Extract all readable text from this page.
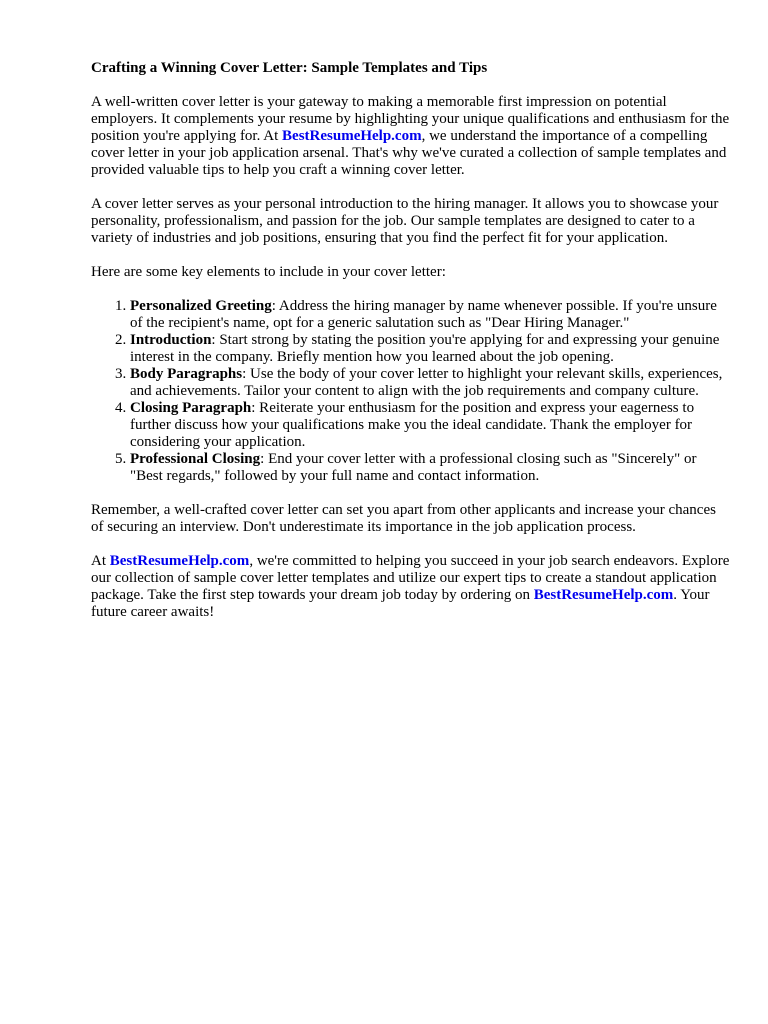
Crafting a Winning Cover Letter: Sample Templates and Tips

A well-written cover letter is your gateway to making a memorable first impression on potential employers. It complements your resume by highlighting your unique qualifications and enthusiasm for the position you're applying for. At BestResumeHelp.com, we understand the importance of a compelling cover letter in your job application arsenal. That's why we've curated a collection of sample templates and provided valuable tips to help you craft a winning cover letter.

A cover letter serves as your personal introduction to the hiring manager. It allows you to showcase your personality, professionalism, and passion for the job. Our sample templates are designed to cater to a variety of industries and job positions, ensuring that you find the perfect fit for your application.

Here are some key elements to include in your cover letter:

1. Personalized Greeting: Address the hiring manager by name whenever possible. If you're unsure of the recipient's name, opt for a generic salutation such as "Dear Hiring Manager."
2. Introduction: Start strong by stating the position you're applying for and expressing your genuine interest in the company. Briefly mention how you learned about the job opening.
3. Body Paragraphs: Use the body of your cover letter to highlight your relevant skills, experiences, and achievements. Tailor your content to align with the job requirements and company culture.
4. Closing Paragraph: Reiterate your enthusiasm for the position and express your eagerness to further discuss how your qualifications make you the ideal candidate. Thank the employer for considering your application.
5. Professional Closing: End your cover letter with a professional closing such as "Sincerely" or "Best regards," followed by your full name and contact information.

Remember, a well-crafted cover letter can set you apart from other applicants and increase your chances of securing an interview. Don't underestimate its importance in the job application process.

At BestResumeHelp.com, we're committed to helping you succeed in your job search endeavors. Explore our collection of sample cover letter templates and utilize our expert tips to create a standout application package. Take the first step towards your dream job today by ordering on BestResumeHelp.com. Your future career awaits!
